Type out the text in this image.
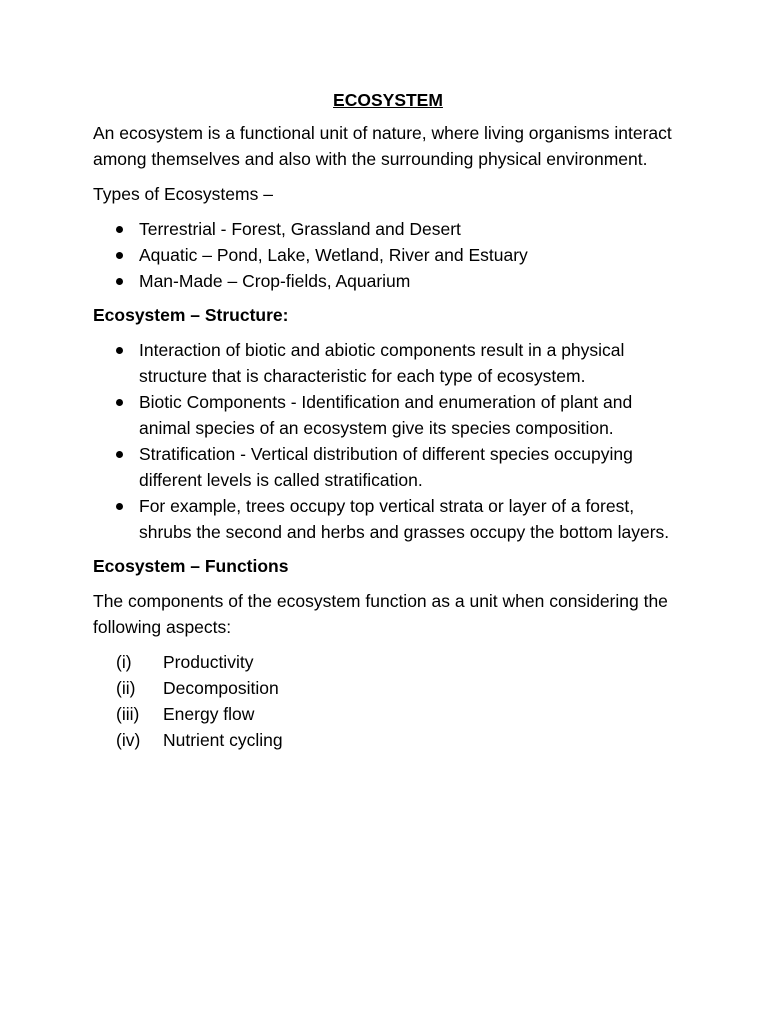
ECOSYSTEM

An ecosystem is a functional unit of nature, where living organisms interact among themselves and also with the surrounding physical environment.

Types of Ecosystems –

Terrestrial - Forest, Grassland and Desert
Aquatic – Pond, Lake, Wetland, River and Estuary
Man-Made – Crop-fields, Aquarium

Ecosystem – Structure:

Interaction of biotic and abiotic components result in a physical structure that is characteristic for each type of ecosystem.
Biotic Components - Identification and enumeration of plant and animal species of an ecosystem give its species composition.
Stratification - Vertical distribution of different species occupying different levels is called stratification.
For example, trees occupy top vertical strata or layer of a forest, shrubs the second and herbs and grasses occupy the bottom layers.

Ecosystem – Functions

The components of the ecosystem function as a unit when considering the following aspects:

(i) Productivity
(ii) Decomposition
(iii) Energy flow
(iv) Nutrient cycling
